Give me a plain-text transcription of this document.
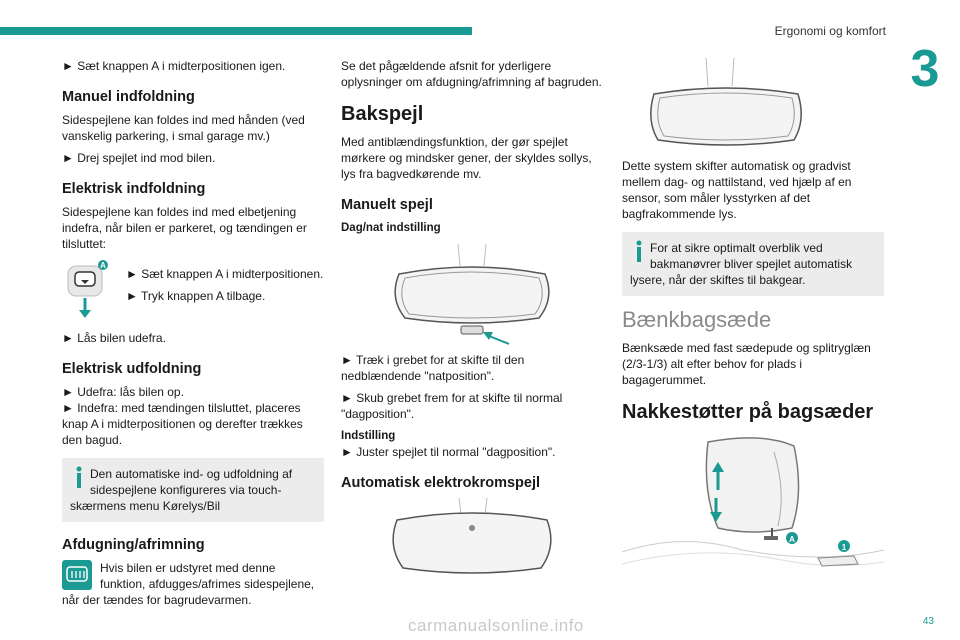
Ergonomi og komfort
3

► Sæt knappen A i midterpositionen igen.

Manuel indfoldning

Sidespejlene kan foldes ind med hånden (ved vanskelig parkering, i smal garage mv.)

► Drej spejlet ind mod bilen.

Elektrisk indfoldning

Sidespejlene kan foldes ind med elbetjening indefra, når bilen er parkeret, og tændingen er tilsluttet:

A

► Sæt knappen A i midterpositionen.

► Tryk knappen A tilbage.

► Lås bilen udefra.

Elektrisk udfoldning

► Udefra: lås bilen op.

► Indefra: med tændingen tilsluttet, placeres knap A i midterpositionen og derefter trækkes den bagud.

Den automatiske ind- og udfoldning af
sidespejlene konfigureres via touch-
skærmens menu Kørelys/Bil
Afdugning/afrimning
Hvis bilen er udstyret med denne
funktion, afdugges/afrimes sidespejlene,
når der tændes for bagrudevarmen.

Se det pågældende afsnit for yderligere oplysninger om afdugning/afrimning af bagruden.

Bakspejl

Med antiblændingsfunktion, der gør spejlet mørkere og mindsker gener, der skyldes sollys, lys fra bagvedkørende mv.

Manuelt spejl
Dag/nat indstilling

► Træk i grebet for at skifte til den nedblændende "natposition".

► Skub grebet frem for at skifte til normal "dagposition".

Indstilling

► Juster spejlet til normal "dagposition".

Automatisk elektrokromspejl

Dette system skifter automatisk og gradvist mellem dag- og nattilstand, ved hjælp af en sensor, som måler lysstyrken af det bagfrakommende lys.

For at sikre optimalt overblik ved
bakmanøvrer bliver spejlet automatisk
lysere, når der skiftes til bakgear.
Bænkbagsæde

Bænksæde med fast sædepude og splitryglæn (2/3-1/3) alt efter behov for plads i bagagerummet.

Nakkestøtter på bagsæder
A
1
carmanualsonline.info	43
